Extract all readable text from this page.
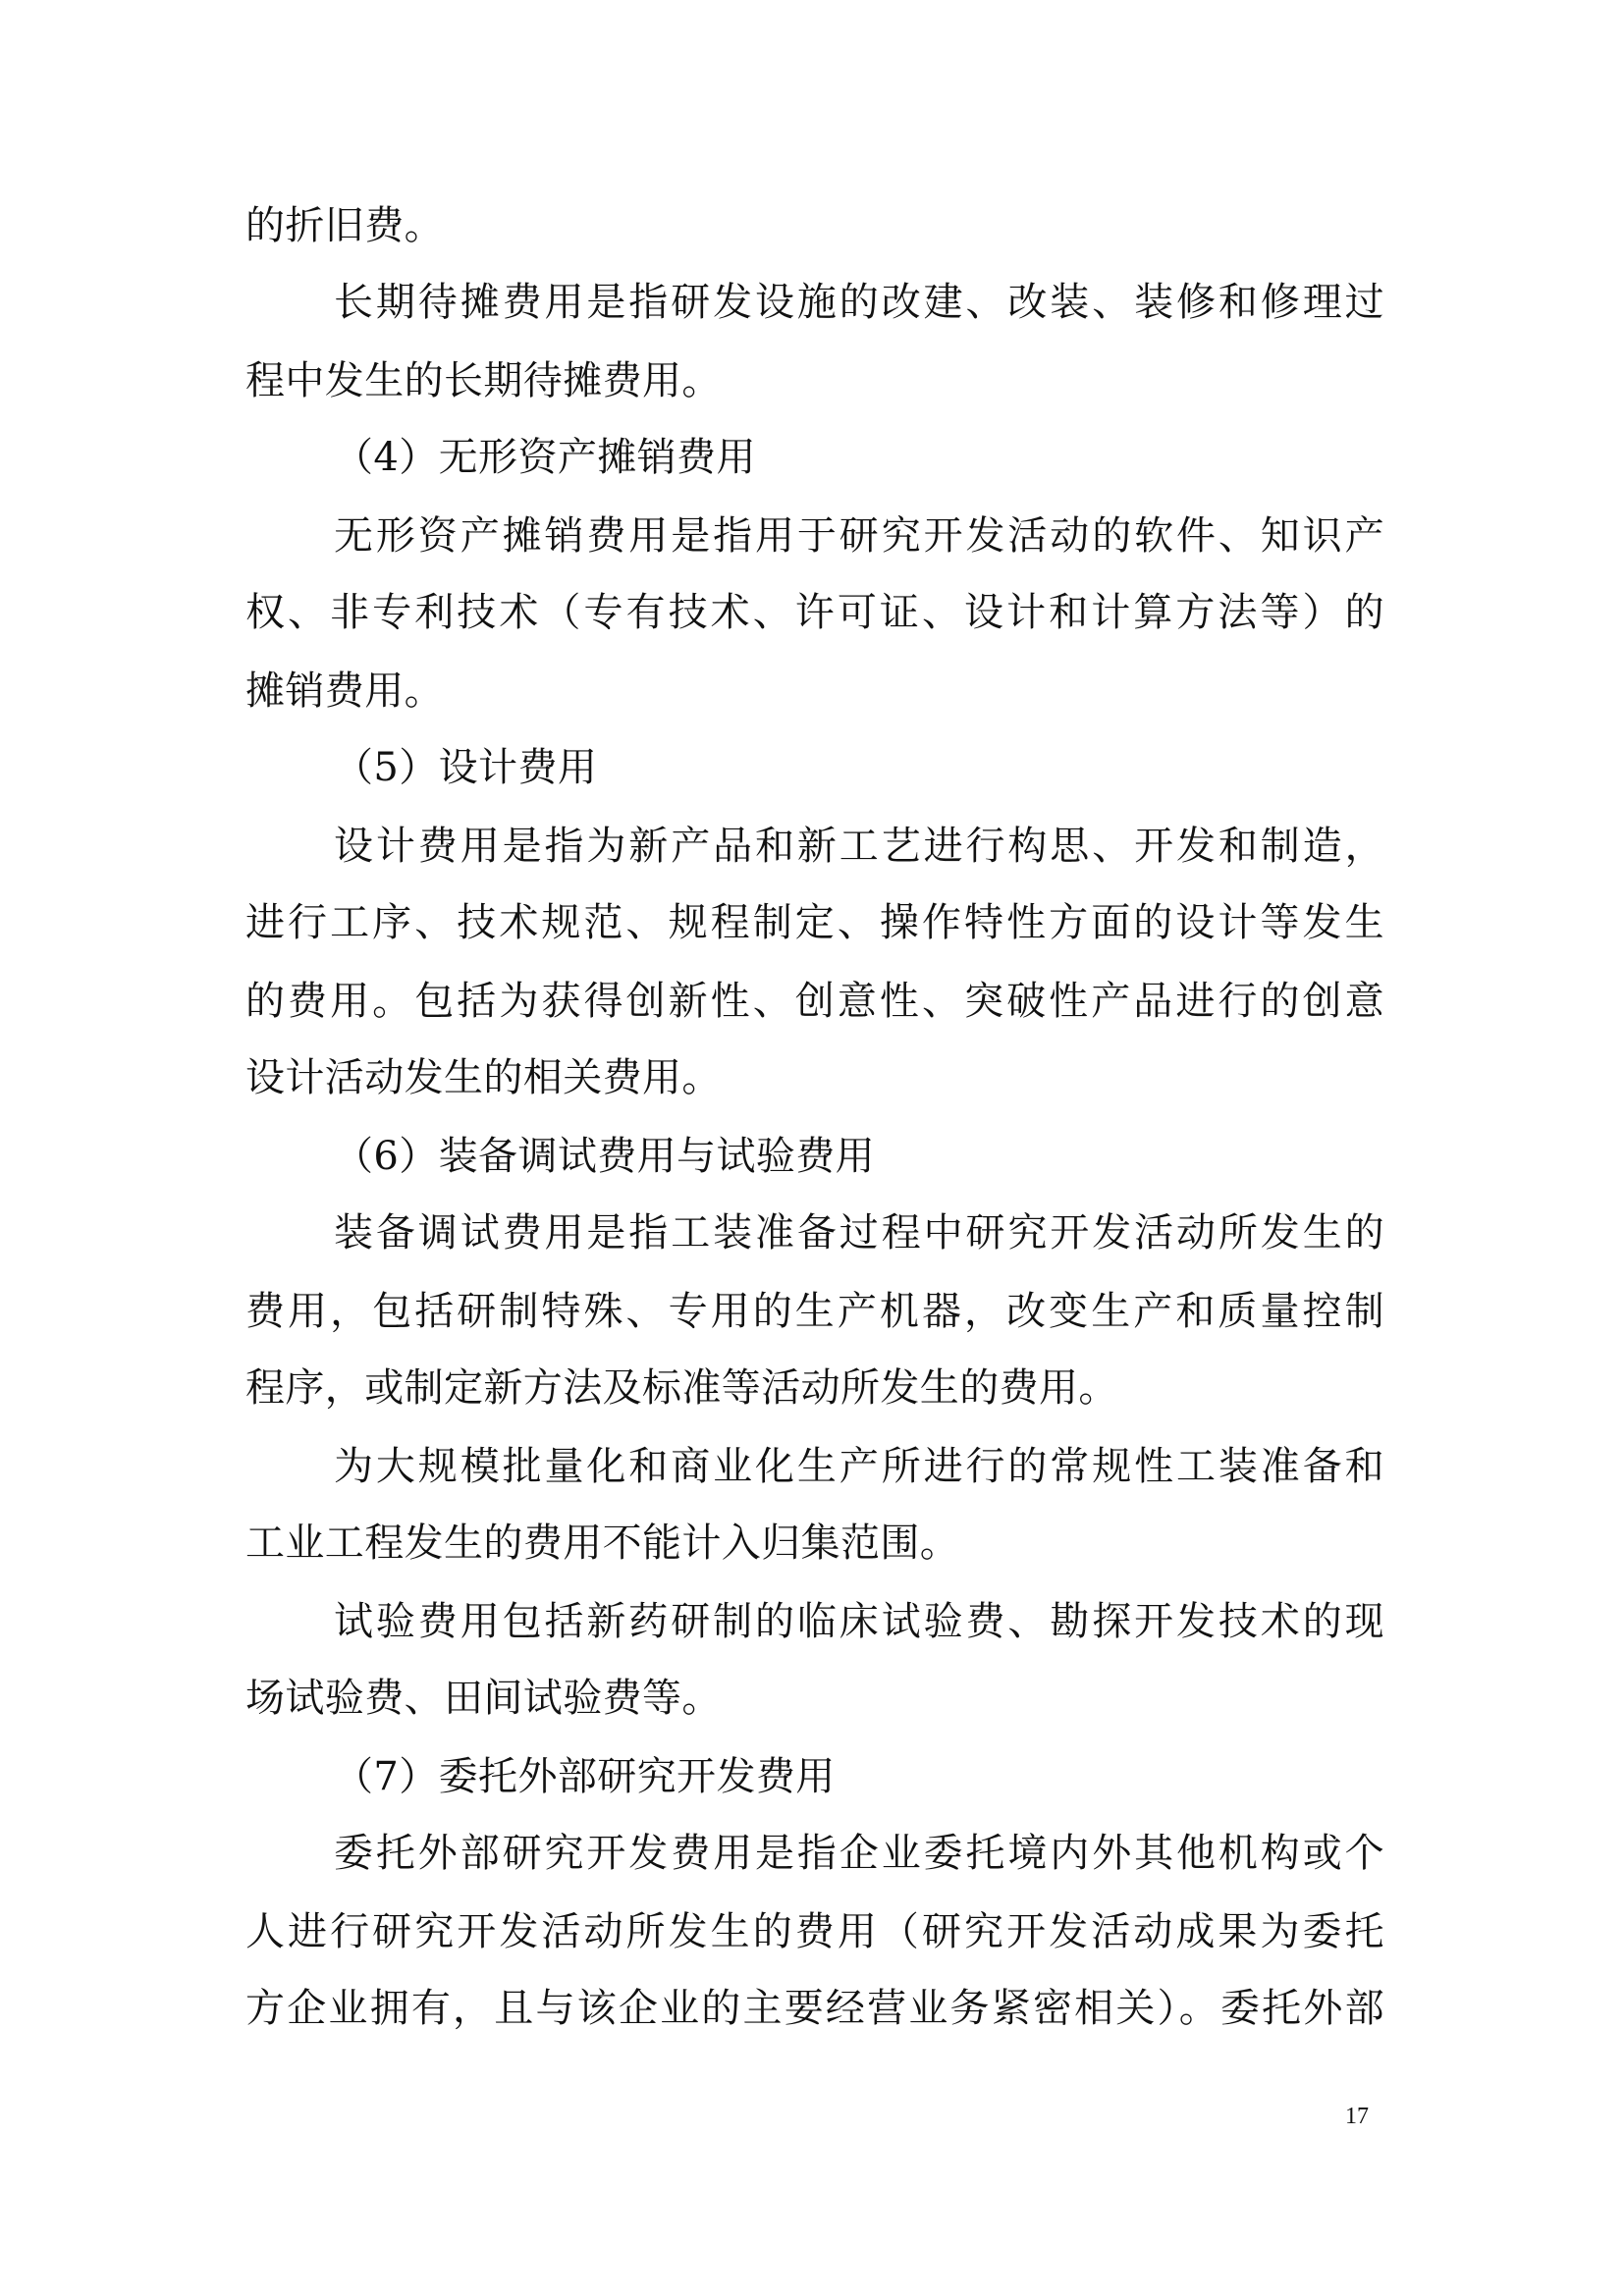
的折旧费。
长期待摊费用是指研发设施的改建、改装、装修和修理过
程中发生的长期待摊费用。
（4）无形资产摊销费用
无形资产摊销费用是指用于研究开发活动的软件、知识产
权、非专利技术（专有技术、许可证、设计和计算方法等）的
摊销费用。
（5）设计费用
设计费用是指为新产品和新工艺进行构思、开发和制造，
进行工序、技术规范、规程制定、操作特性方面的设计等发生
的费用。包括为获得创新性、创意性、突破性产品进行的创意
设计活动发生的相关费用。
（6）装备调试费用与试验费用
装备调试费用是指工装准备过程中研究开发活动所发生的
费用，包括研制特殊、专用的生产机器，改变生产和质量控制
程序，或制定新方法及标准等活动所发生的费用。
为大规模批量化和商业化生产所进行的常规性工装准备和
工业工程发生的费用不能计入归集范围。
试验费用包括新药研制的临床试验费、勘探开发技术的现
场试验费、田间试验费等。
（7）委托外部研究开发费用
委托外部研究开发费用是指企业委托境内外其他机构或个
人进行研究开发活动所发生的费用（研究开发活动成果为委托
方企业拥有，且与该企业的主要经营业务紧密相关）。委托外部
17
